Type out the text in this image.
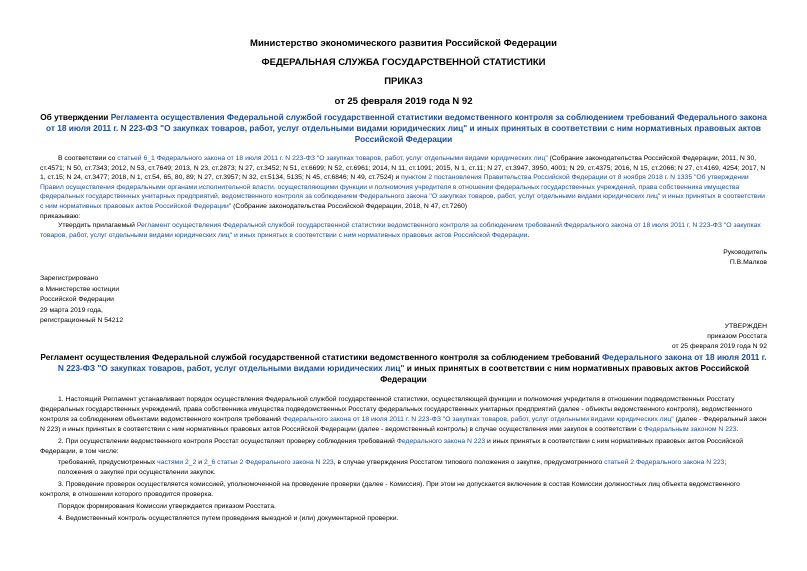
Министерство экономического развития Российской Федерации
ФЕДЕРАЛЬНАЯ СЛУЖБА ГОСУДАРСТВЕННОЙ СТАТИСТИКИ
ПРИКАЗ
от 25 февраля 2019 года N 92
Об утверждении Регламента осуществления Федеральной службой государственной статистики ведомственного контроля за соблюдением требований Федерального закона от 18 июля 2011 г. N 223-ФЗ "О закупках товаров, работ, услуг отдельными видами юридических лиц" и иных принятых в соответствии с ним нормативных правовых актов Российской Федерации

В соответствии со статьей 6_1 Федерального закона от 18 июля 2011 г. N 223-ФЗ "О закупках товаров, работ, услуг отдельными видами юридических лиц" (Собрание законодательства Российской Федерации, 2011, N 30, ст.4571; N 50, ст.7343; 2012, N 53, ст.7649; 2013, N 23, ст.2873; N 27, ст.3452; N 51, ст.6699; N 52, ст.6961; 2014, N 11, ст.1091; 2015, N 1, ст.11; N 27, ст.3947, 3950, 4001; N 29, ст.4375; 2016, N 15, ст.2066; N 27, ст.4169, 4254; 2017, N 1, ст.15; N 24, ст.3477; 2018, N 1, ст.54, 65, 80, 89; N 27, ст.3957; N 32, ст.5134, 5135; N 45, ст.6846; N 49, ст.7524) и пунктом 2 постановления Правительства Российской Федерации от 8 ноября 2018 г. N 1335 "Об утверждении Правил осуществления федеральными органами исполнительной власти, осуществляющими функции и полномочия учредителя в отношении федеральных государственных учреждений, права собственника имущества федеральных государственных унитарных предприятий, ведомственного контроля за соблюдением Федерального закона "О закупках товаров, работ, услуг отдельными видами юридических лиц" и иных принятых в соответствии с ним нормативных правовых актов Российской Федерации" (Собрание законодательства Российской Федерации, 2018, N 47, ст.7260)

приказываю:

Утвердить прилагаемый Регламент осуществления Федеральной службой государственной статистики ведомственного контроля за соблюдением требований Федерального закона от 18 июля 2011 г. N 223-ФЗ "О закупках товаров, работ, услуг отдельными видами юридических лиц" и иных принятых в соответствии с ним нормативных правовых актов Российской Федерации.

Руководитель

П.В.Малков

Зарегистрировано

в Министерстве юстиции

Российской Федерации

29 марта 2019 года,

регистрационный N 54212

УТВЕРЖДЕН

приказом Росстата

от 25 февраля 2019 года N 92

Регламент осуществления Федеральной службой государственной статистики ведомственного контроля за соблюдением требований Федерального закона от 18 июля 2011 г. N 223-ФЗ "О закупках товаров, работ, услуг отдельными видами юридических лиц" и иных принятых в соответствии с ним нормативных правовых актов Российской Федерации

1. Настоящий Регламент устанавливает порядок осуществления Федеральной службой государственной статистики, осуществляющей функции и полномочия учредителя в отношении подведомственных Росстату федеральных государственных учреждений, права собственника имущества подведомственных Росстату федеральных государственных унитарных предприятий (далее - объекты ведомственного контроля), ведомственного контроля за соблюдением объектами ведомственного контроля требований Федерального закона от 18 июля 2011 г. N 223-ФЗ "О закупках товаров, работ, услуг отдельными видами юридических лиц" (далее - Федеральный закон N 223) и иных принятых в соответствии с ним нормативных правовых актов Российской Федерации (далее - ведомственный контроль) в случае осуществления ими закупок в соответствии с Федеральным законом N 223.

2. При осуществлении ведомственного контроля Росстат осуществляет проверку соблюдения требований Федерального закона N 223 и иных принятых в соответствии с ним нормативных правовых актов Российской Федерации, в том числе:

требований, предусмотренных частями 2_2 и 2_6 статьи 2 Федерального закона N 223, в случае утверждения Росстатом типового положения о закупке, предусмотренного статьей 2 Федерального закона N 223;

положения о закупке при осуществлении закупок.

3. Проведение проверок осуществляется комиссией, уполномоченной на проведение проверки (далее - Комиссия). При этом не допускается включение в состав Комиссии должностных лиц объекта ведомственного контроля, в отношении которого проводится проверка.

Порядок формирования Комиссии утверждается приказом Росстата.

4. Ведомственный контроль осуществляется путем проведения выездной и (или) документарной проверки.
